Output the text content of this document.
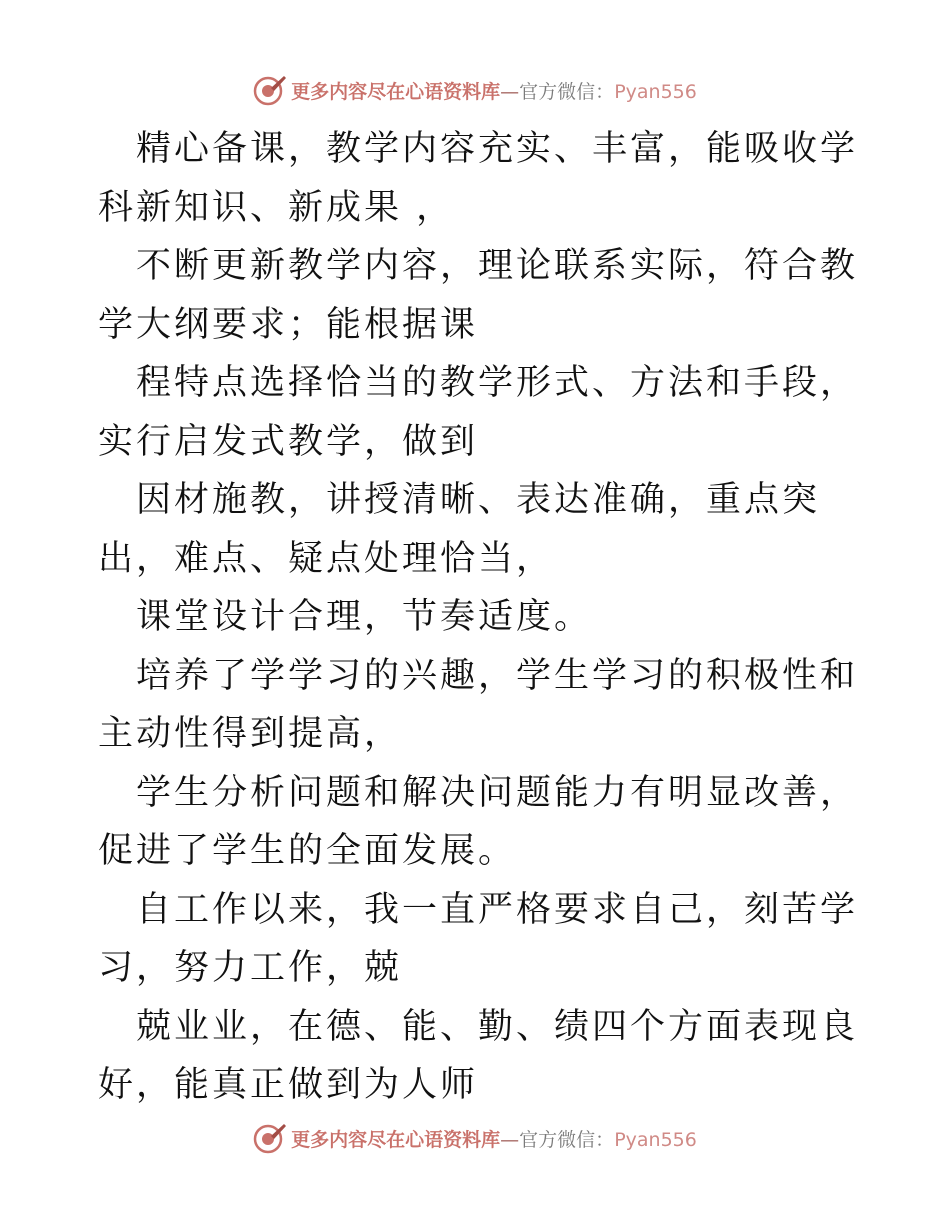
更多内容尽在心语资料库—官方微信：Pyan556

精心备课，教学内容充实、丰富，能吸收学科新知识、新成果 ，

不断更新教学内容，理论联系实际，符合教学大纲要求；能根据课

程特点选择恰当的教学形式、方法和手段，实行启发式教学，做到

因材施教，讲授清晰、表达准确，重点突出，难点、疑点处理恰当，

课堂设计合理，节奏适度。

培养了学学习的兴趣，学生学习的积极性和主动性得到提高，

学生分析问题和解决问题能力有明显改善，促进了学生的全面发展。

自工作以来，我一直严格要求自己，刻苦学习，努力工作，兢

兢业业，在德、能、勤、绩四个方面表现良好，能真正做到为人师

更多内容尽在心语资料库—官方微信：Pyan556
